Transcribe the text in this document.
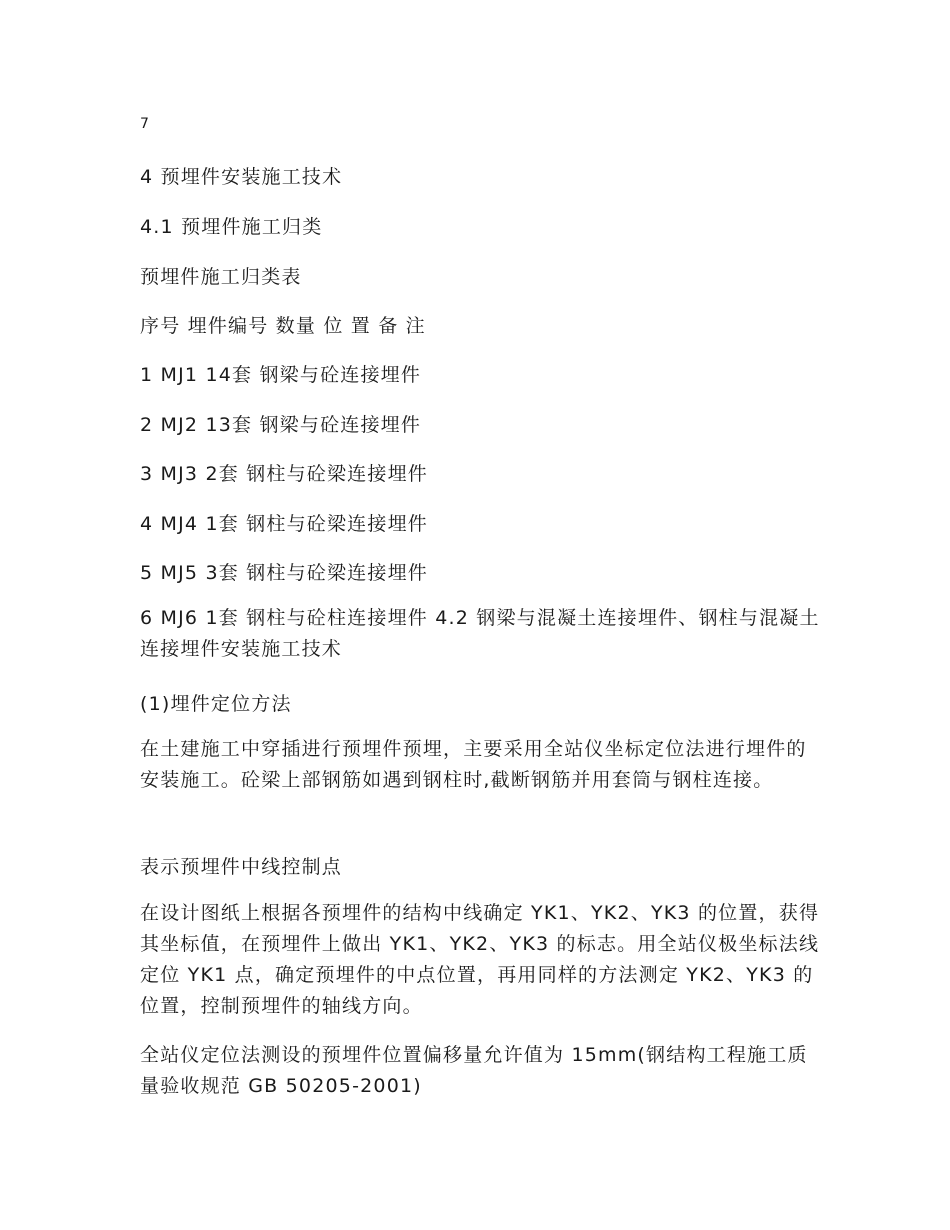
7

4 预埋件安装施工技术

4.1 预埋件施工归类

预埋件施工归类表

序号 埋件编号 数量 位 置 备 注

1 MJ1 14套 钢梁与砼连接埋件

2 MJ2 13套 钢梁与砼连接埋件

3 MJ3 2套 钢柱与砼梁连接埋件

4 MJ4 1套 钢柱与砼梁连接埋件

5 MJ5 3套 钢柱与砼梁连接埋件

6 MJ6 1套 钢柱与砼柱连接埋件 4.2 钢梁与混凝土连接埋件、钢柱与混凝土连接埋件安装施工技术

(1)埋件定位方法

在土建施工中穿插进行预埋件预埋，主要采用全站仪坐标定位法进行埋件的安装施工。砼梁上部钢筋如遇到钢柱时,截断钢筋并用套筒与钢柱连接。

表示预埋件中线控制点

在设计图纸上根据各预埋件的结构中线确定 YK1、YK2、YK3 的位置，获得其坐标值，在预埋件上做出 YK1、YK2、YK3 的标志。用全站仪极坐标法线定位 YK1 点，确定预埋件的中点位置，再用同样的方法测定 YK2、YK3 的位置，控制预埋件的轴线方向。

全站仪定位法测设的预埋件位置偏移量允许值为 15mm(钢结构工程施工质量验收规范 GB 50205-2001)
